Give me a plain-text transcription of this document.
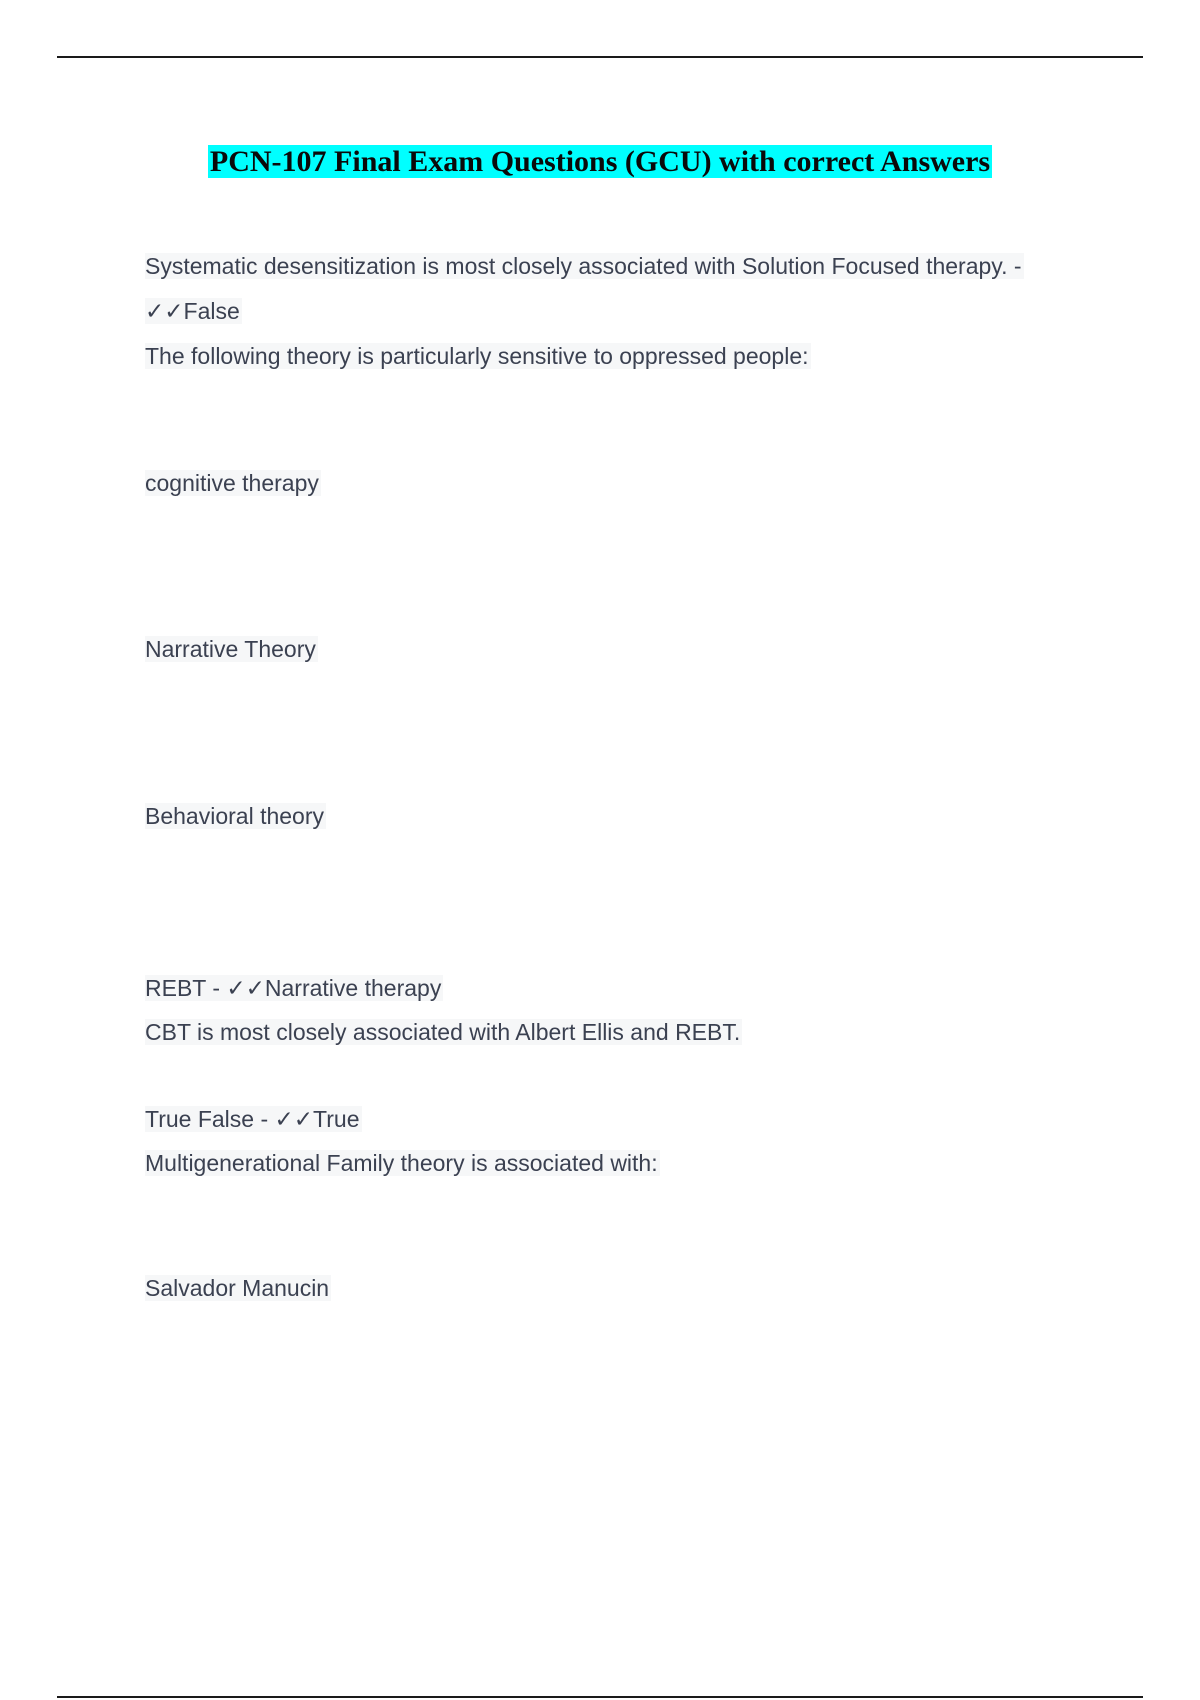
PCN-107 Final Exam Questions (GCU) with correct Answers
Systematic desensitization is most closely associated with Solution Focused therapy. -
✓✓False
The following theory is particularly sensitive to oppressed people:
cognitive therapy
Narrative Theory
Behavioral theory
REBT - ✓✓Narrative therapy
CBT is most closely associated with Albert Ellis and REBT.
True False - ✓✓True
Multigenerational Family theory is associated with:
Salvador Manucin
